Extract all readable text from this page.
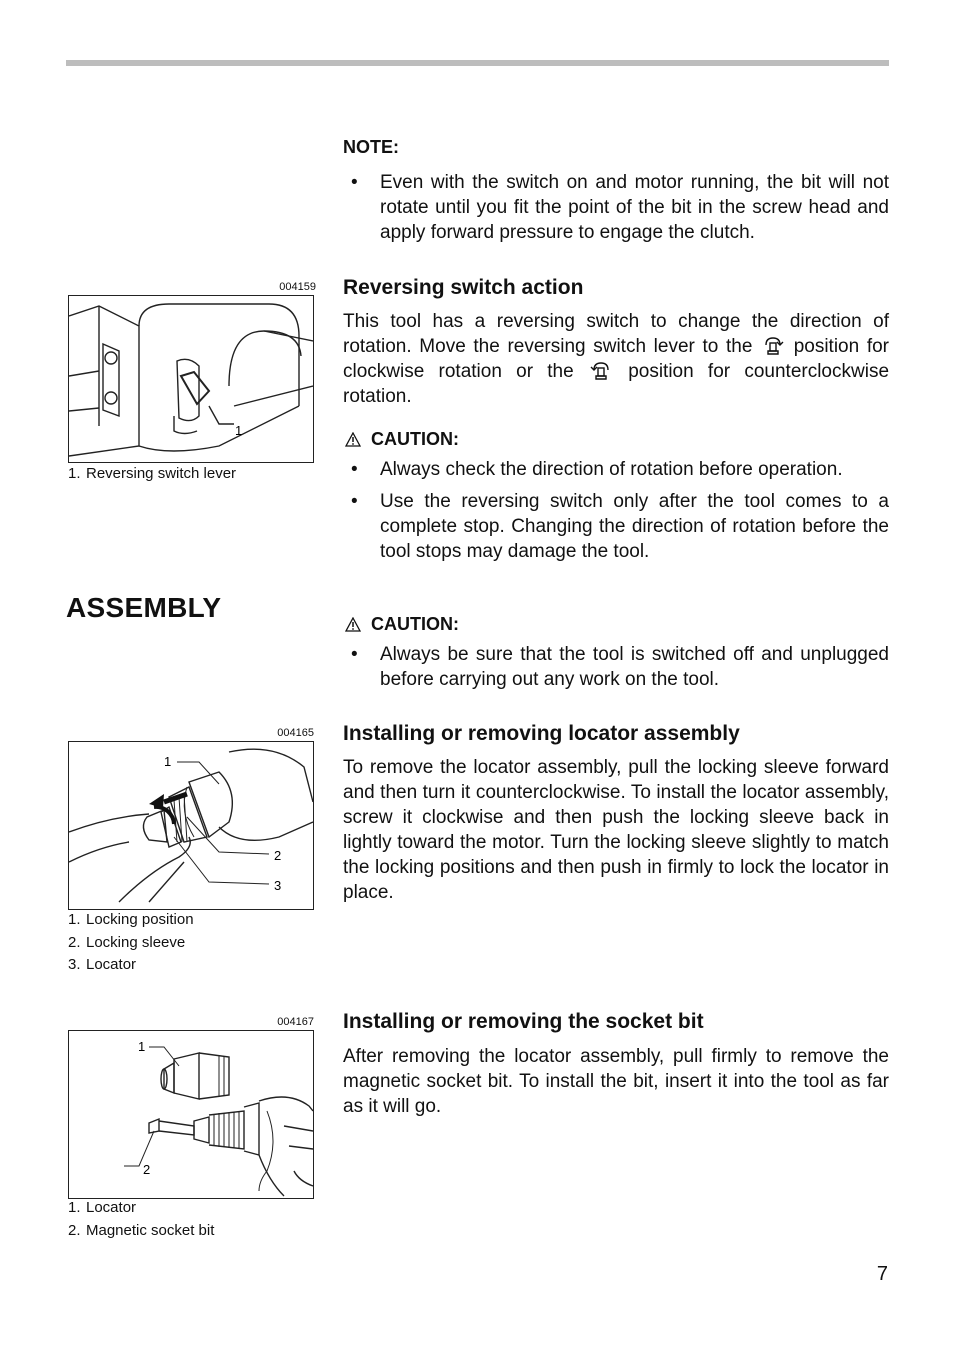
NOTE:
• Even with the switch on and motor running, the bit will not rotate until you fit the point of the bit in the screw head and apply forward pressure to engage the clutch.
004159
1
1. Reversing switch lever
Reversing switch action

This tool has a reversing switch to change the direction of rotation. Move the reversing switch lever to the position for clockwise rotation or the	position for counterclockwise rotation.

CAUTION:
• Always check the direction of rotation before operation.
• Use the reversing switch only after the tool comes to a complete stop. Changing the direction of rotation before the tool stops may damage the tool.
ASSEMBLY
CAUTION:
• Always be sure that the tool is switched off and unplugged before carrying out any work on the tool.
004165
1
2
3
1. Locking position
2. Locking sleeve
3. Locator
Installing or removing locator assembly

To remove the locator assembly, pull the locking sleeve forward and then turn it counterclockwise. To install the locator assembly, screw it clockwise and then push the locking sleeve back in lightly toward the motor. Turn the locking sleeve slightly to match the locking positions and then push in firmly to lock the locator in place.

004167
1
2
1. Locator
2. Magnetic socket bit
Installing or removing the socket bit

After removing the locator assembly, pull firmly to remove the magnetic socket bit. To install the bit, insert it into the tool as far as it will go.

7
